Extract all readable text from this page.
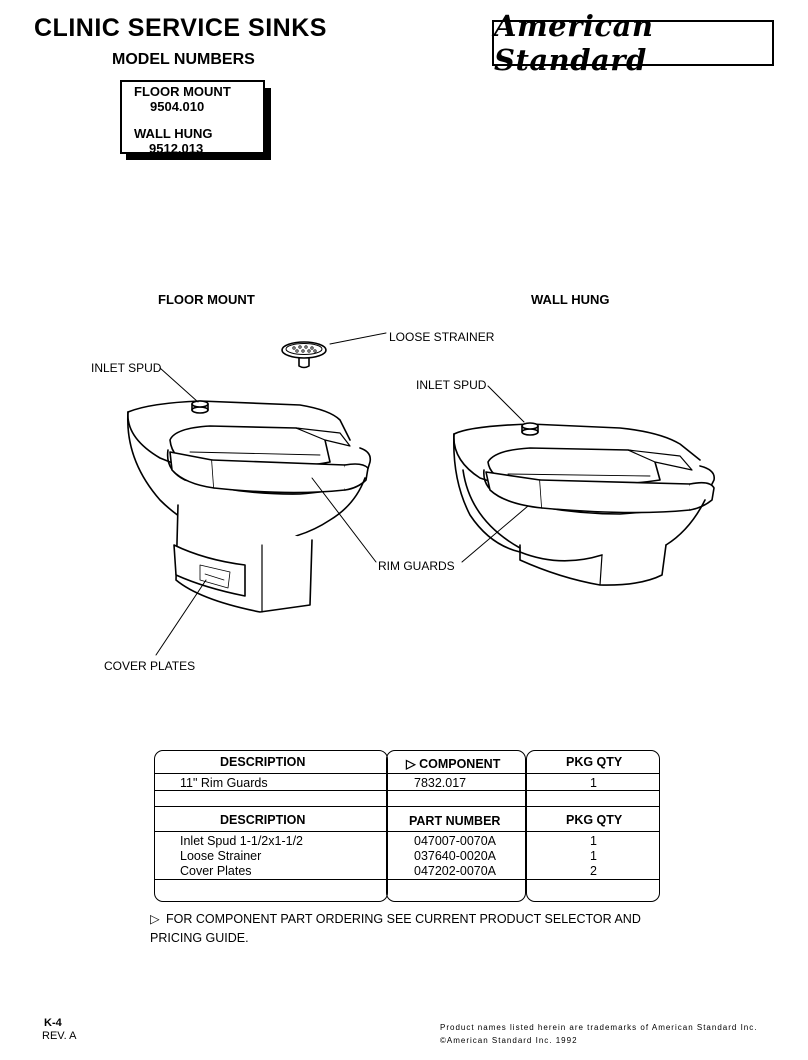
CLINIC SERVICE SINKS
MODEL NUMBERS
American Standard
FLOOR MOUNT
9504.010
WALL HUNG
9512.013
FLOOR MOUNT	WALL HUNG
LOOSE STRAINER
INLET SPUD
INLET SPUD
RIM GUARDS
COVER PLATES
DESCRIPTION	▷ COMPONENT	PKG QTY
11" Rim Guards	7832.017	1
DESCRIPTION	PART NUMBER	PKG QTY
Inlet Spud 1-1/2x1-1/2	047007-0070A	1
Loose Strainer	037640-0020A	1
Cover Plates	047202-0070A	2
▷ FOR COMPONENT PART ORDERING SEE CURRENT PRODUCT SELECTOR AND PRICING GUIDE.
K-4
REV. A
Product names listed herein are trademarks of American Standard Inc.
©American Standard Inc. 1992
